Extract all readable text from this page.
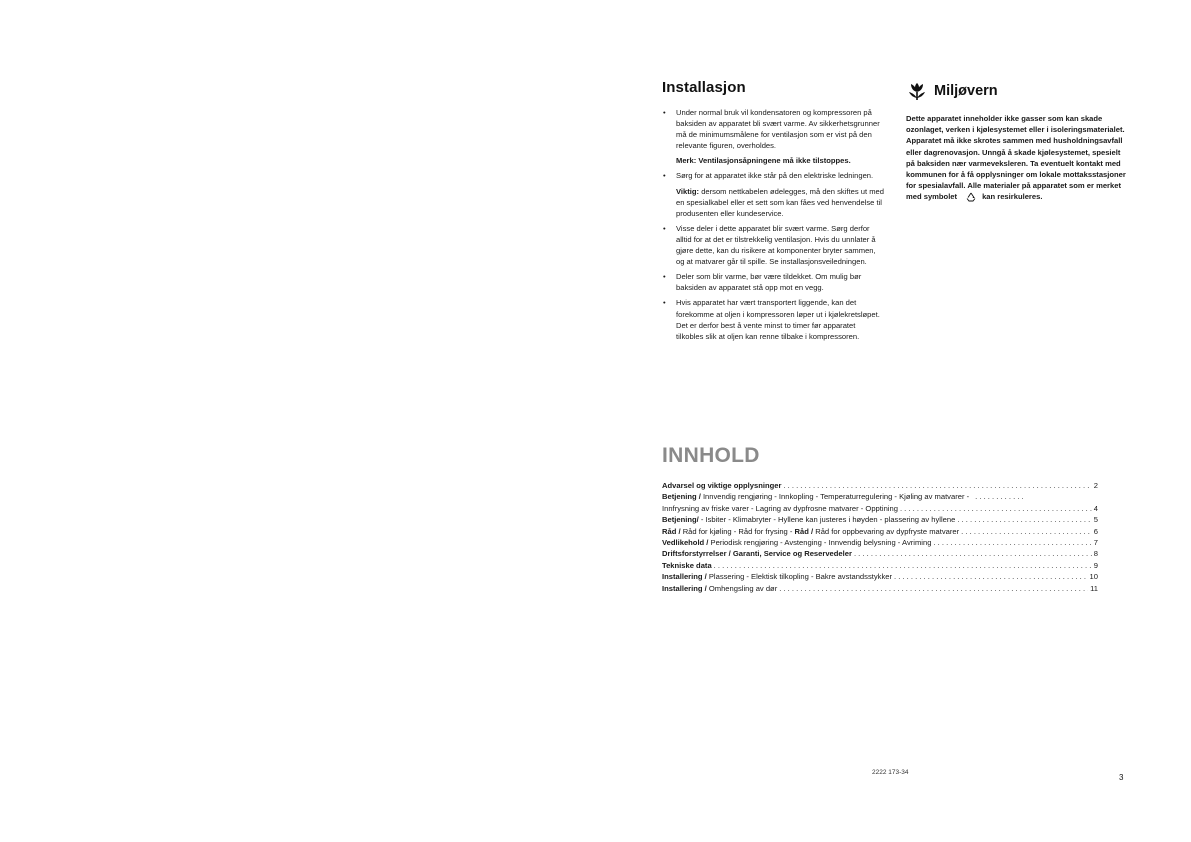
Installasjon
• Under normal bruk vil kondensatoren og kompressoren på baksiden av apparatet bli svært varme. Av sikkerhetsgrunner må de minimumsmålene for ventilasjon som er vist på den relevante figuren, overholdes.

Merk: Ventilasjonsåpningene må ikke tilstoppes.

• Sørg for at apparatet ikke står på den elektriske ledningen.

Viktig: dersom nettkabelen ødelegges, må den skiftes ut med en spesialkabel eller et sett som kan fåes ved henvendelse til produsenten eller kundeservice.

• Visse deler i dette apparatet blir svært varme. Sørg derfor alltid for at det er tilstrekkelig ventilasjon. Hvis du unnlater å gjøre dette, kan du risikere at komponenter bryter sammen, og at matvarer går til spille. Se installasjonsveiledningen.

• Deler som blir varme, bør være tildekket. Om mulig bør baksiden av apparatet stå opp mot en vegg.

• Hvis apparatet har vært transportert liggende, kan det forekomme at oljen i kompressoren løper ut i kjølekretsløpet. Det er derfor best å vente minst to timer før apparatet tilkobles slik at oljen kan renne tilbake i kompressoren.

Miljøvern

Dette apparatet inneholder ikke gasser som kan skade ozonlaget, verken i kjølesystemet eller i isoleringsmaterialet. Apparatet må ikke skrotes sammen med husholdningsavfall eller dagrenovasjon. Unngå å skade kjølesystemet, spesielt på baksiden nær varmeveksleren. Ta eventuelt kontakt med kommunen for å få opplysninger om lokale mottaksstasjoner for spesialavfall. Alle materialer på apparatet som er merket med symbolet	kan resirkuleres.

INNHOLD
Advarsel og viktige opplysninger . . .	2
Betjening / Innvendig rengjøring - Innkopling - Temperaturregulering - Kjøling av matvarer -
. . .
Innfrysning av friske varer - Lagring av dypfrosne matvarer - Opptining . . .	4
Betjening/ - Isbiter - Klimabryter - Hyllene kan justeres i høyden - plassering av hyllene . . .	5
Råd / Råd for kjøling - Råd for frysing - Råd / Råd for oppbevaring av dypfryste matvarer . . .	6
Vedlikehold / Periodisk rengjøring - Avstenging - Innvendig belysning - Avriming . . .	7
Driftsforstyrrelser / Garanti, Service og Reservedeler . . .	8
Tekniske data . . .	9
Installering / Plassering - Elektisk tilkopling - Bakre avstandsstykker . . .	10
Installering / Omhengsling av dør . . .	11
2222 173-34
3
